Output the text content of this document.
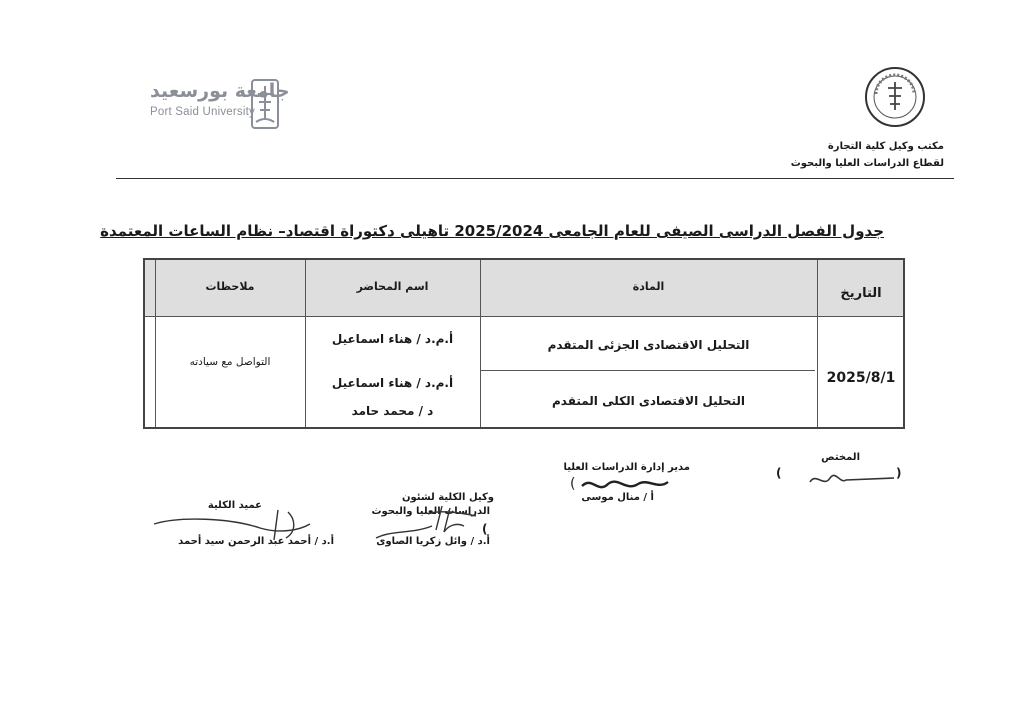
جامعة بورسعيد
Port Said University
مكتب وكيل كلية التجارة
لقطاع الدراسات العليا والبحوث
جدول الفصل الدراسى الصيفى للعام الجامعى 2025/2024 تاهيلى دكتوراة اقتصاد– نظام الساعات المعتمدة
التاريخ
المادة
اسم المحاضر
ملاحظات
2025/8/1
التواصل مع سيادته
التحليل الاقتصادى الجزئى المتقدم
أ.م.د / هناء اسماعيل
التحليل الاقتصادى الكلى المتقدم
أ.م.د / هناء اسماعيل
د / محمد حامد
المختص
(	)
مدير إدارة الدراسات العليا
(
أ / منال موسى
وكيل الكلية لشئون
الدراسات العليا والبحوث
(
أ.د / وائل زكريا الصاوى
عميد الكلية
أ.د / أحمد عبد الرحمن سيد أحمد
